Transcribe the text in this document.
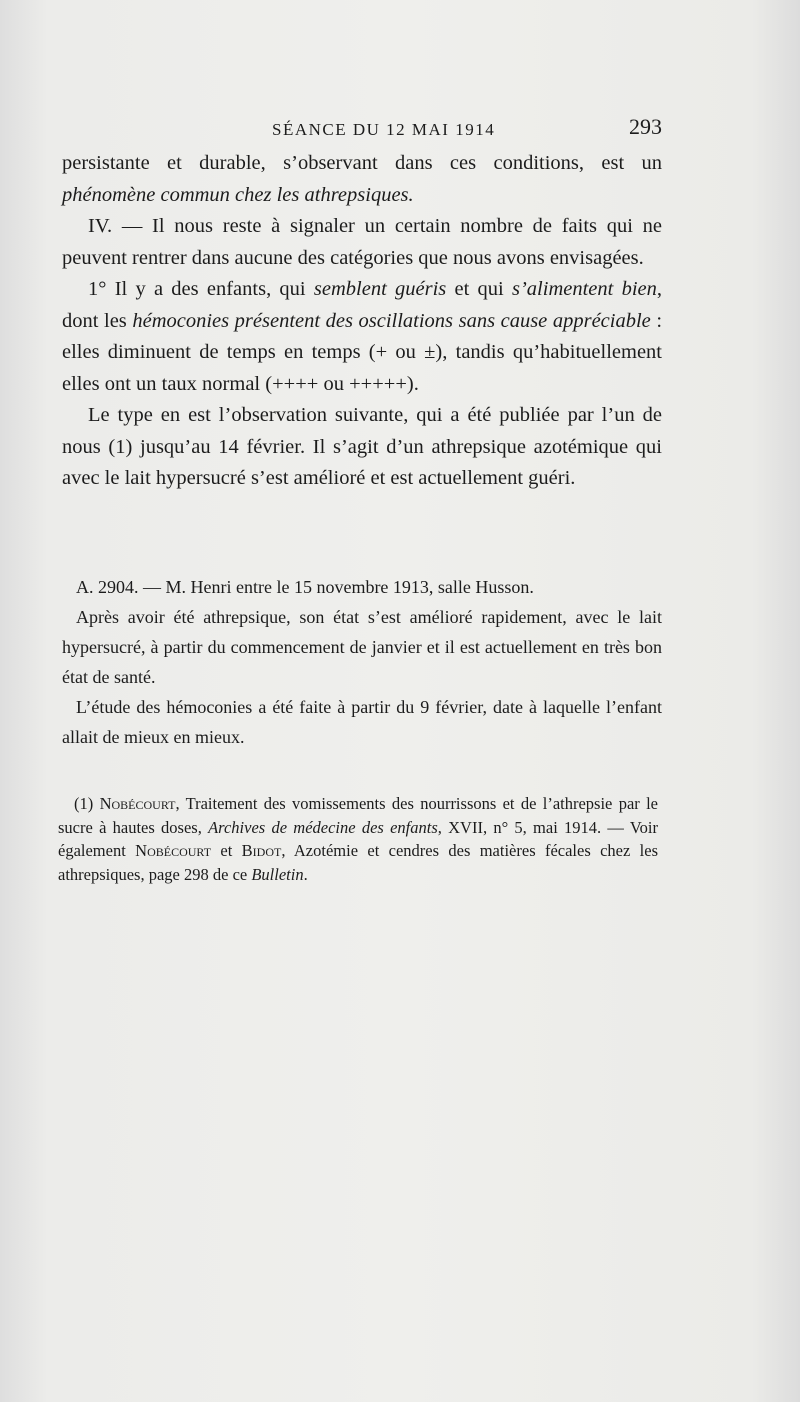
SÉANCE DU 12 MAI 1914	293

persistante et durable, s’observant dans ces conditions, est un phénomène commun chez les athrepsiques.

IV. — Il nous reste à signaler un certain nombre de faits qui ne peuvent rentrer dans aucune des catégories que nous avons envisagées.

1° Il y a des enfants, qui semblent guéris et qui s’alimentent bien, dont les hémoconies présentent des oscillations sans cause appréciable : elles diminuent de temps en temps (+ ou ±), tandis qu’habituellement elles ont un taux normal (++++ ou +++++).

Le type en est l’observation suivante, qui a été publiée par l’un de nous (1) jusqu’au 14 février. Il s’agit d’un athrepsique azotémique qui avec le lait hypersucré s’est amélioré et est actuellement guéri.

A. 2904. — M. Henri entre le 15 novembre 1913, salle Husson.

Après avoir été athrepsique, son état s’est amélioré rapidement, avec le lait hypersucré, à partir du commencement de janvier et il est actuellement en très bon état de santé.

L’étude des hémoconies a été faite à partir du 9 février, date à laquelle l’enfant allait de mieux en mieux.

(1) Nobécourt, Traitement des vomissements des nourrissons et de l’athrepsie par le sucre à hautes doses, Archives de médecine des enfants, XVII, n° 5, mai 1914. — Voir également Nobécourt et Bidot, Azotémie et cendres des matières fécales chez les athrepsiques, page 298 de ce Bulletin.
